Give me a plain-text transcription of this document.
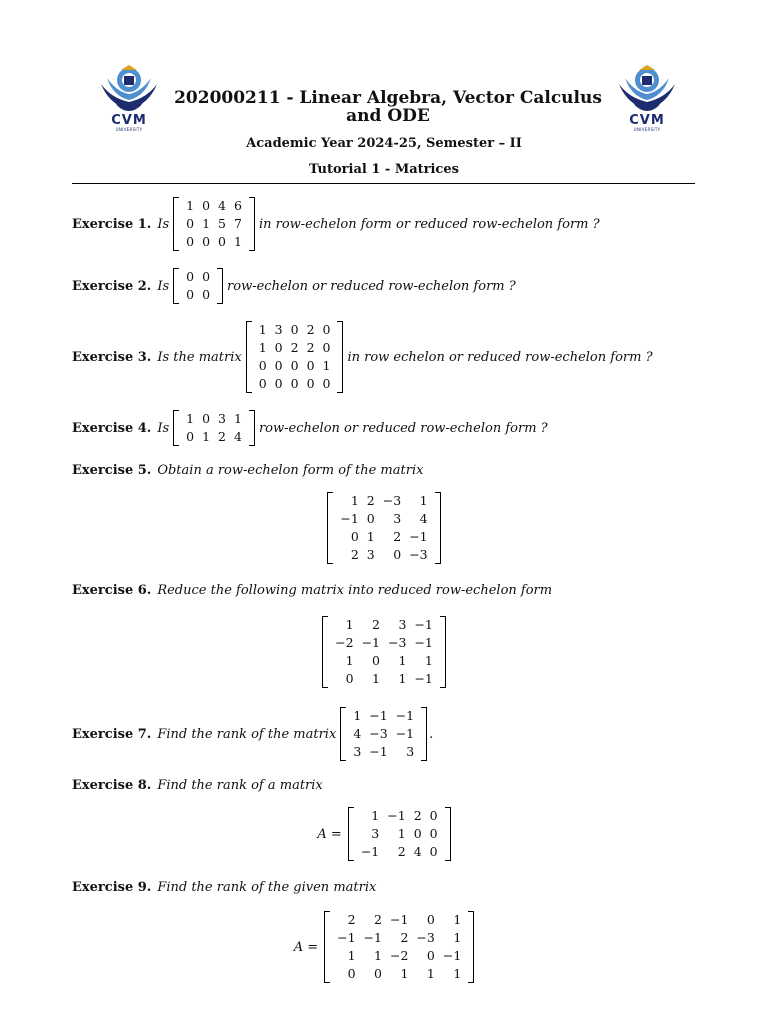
CVM
UNIVERSITY
CVM
UNIVERSITY
202000211 - Linear Algebra, Vector Calculus and ODE
Academic Year 2024-25, Semester – II
Tutorial 1 - Matrices
Exercise 1. Is
1	0	4	6
0	1	5	7
0	0	0	1
in row-echelon form or reduced row-echelon form ?
Exercise 2. Is
0	0
0	0
row-echelon or reduced row-echelon form ?
Exercise 3. Is the matrix
1	3	0	2	0
1	0	2	2	0
0	0	0	0	1
0	0	0	0	0
in row echelon or reduced row-echelon form ?
Exercise 4. Is
1	0	3	1
0	1	2	4
row-echelon or reduced row-echelon form ?
Exercise 5. Obtain a row-echelon form of the matrix
1	2	−3	1
−1	0	3	4
0	1	2	−1
2	3	0	−3
Exercise 6. Reduce the following matrix into reduced row-echelon form
1	2	3	−1
−2	−1	−3	−1
1	0	1	1
0	1	1	−1
Exercise 7. Find the rank of the matrix
1	−1	−1
4	−3	−1
3	−1	3
.
Exercise 8. Find the rank of a matrix
A =
1	−1	2	0
3	1	0	0
−1	2	4	0
Exercise 9. Find the rank of the given matrix
A =
2	2	−1	0	1
−1	−1	2	−3	1
1	1	−2	0	−1
0	0	1	1	1
